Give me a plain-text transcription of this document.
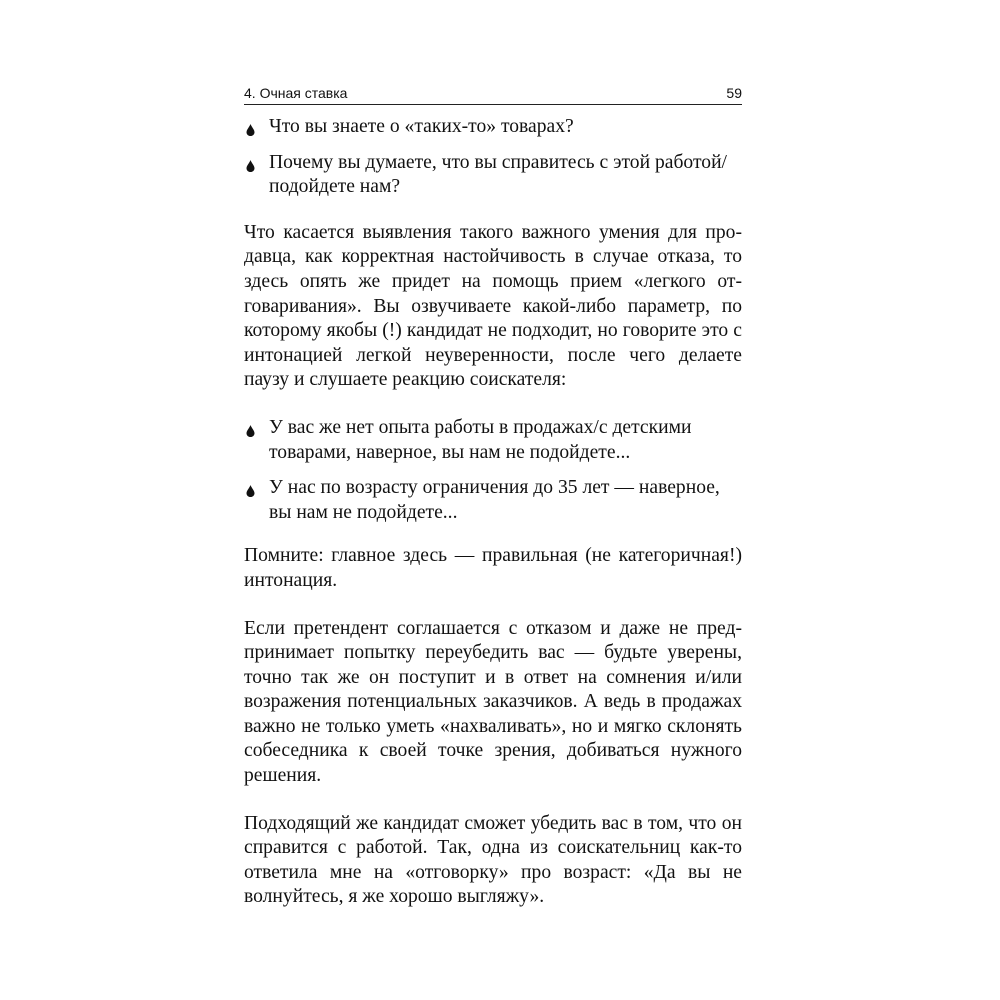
4. Очная ставка	59
Что вы знаете о «таких-то» товарах?
Почему вы думаете, что вы справитесь с этой работой/ подойдете нам?

Что касается выявления такого важного умения для продавца, как корректная настойчивость в случае отказа, то здесь опять же придет на помощь прием «легкого отговаривания». Вы озвучиваете какой-либо параметр, по которому якобы (!) кандидат не подходит, но говорите это с интонацией легкой неуверенности, после чего делаете паузу и слушаете реакцию соискателя:

У вас же нет опыта работы в продажах/с детскими товарами, наверное, вы нам не подойдете...
У нас по возрасту ограничения до 35 лет — наверное, вы нам не подойдете...

Помните: главное здесь — правильная (не категоричная!) интонация.

Если претендент соглашается с отказом и даже не предпринимает попытку переубедить вас — будьте уверены, точно так же он поступит и в ответ на сомнения и/или возражения потенциальных заказчиков. А ведь в продажах важно не только уметь «нахваливать», но и мягко склонять собеседника к своей точке зрения, добиваться нужного решения.

Подходящий же кандидат сможет убедить вас в том, что он справится с работой. Так, одна из соискательниц как-то ответила мне на «отговорку» про возраст: «Да вы не волнуйтесь, я же хорошо выгляжу».
